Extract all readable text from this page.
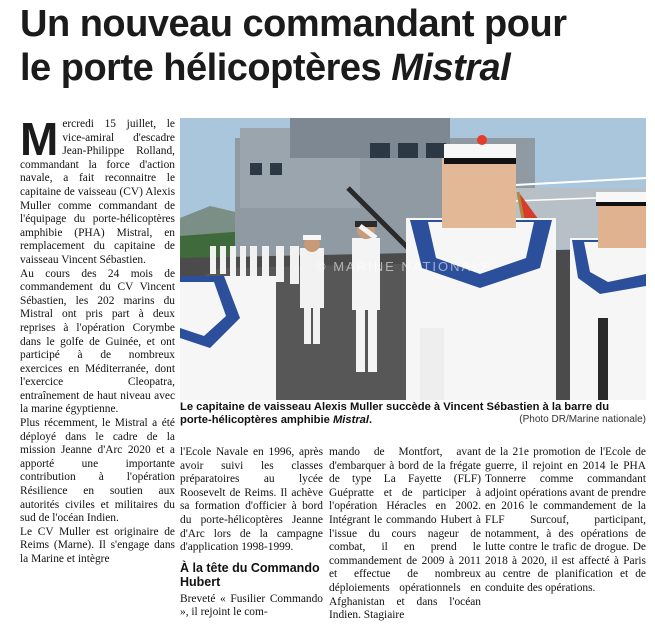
Un nouveau commandant pour
le porte hélicoptères Mistral
M ercredi 15 juillet, le vice-amiral d'escadre Jean-Philippe Rolland, commandant la force d'action navale, a fait reconnaitre le capitaine de vaisseau (CV) Alexis Muller comme commandant de l'équipage du porte-hélicoptères amphibie (PHA) Mistral, en remplacement du capitaine de vaisseau Vincent Sébastien.

Au cours des 24 mois de commandement du CV Vincent Sébastien, les 202 marins du Mistral ont pris part à deux reprises à l'opération Corymbe dans le golfe de Guinée, et ont participé à de nombreux exercices en Méditerranée, dont l'exercice Cleopatra, entraînement de haut niveau avec la marine égyptienne.

Plus récemment, le Mistral a été déployé dans le cadre de la mission Jeanne d'Arc 2020 et a apporté une importante contribution à l'opération Résilience en soutien aux autorités civiles et militaires du sud de l'océan Indien.

Le CV Muller est originaire de Reims (Marne). Il s'engage dans la Marine et intègre

© MARINE NATIONALE
Le capitaine de vaisseau Alexis Muller succède à Vincent Sébastien à la barre du
porte-hélicoptères amphibie Mistral.	(Photo DR/Marine nationale)

l'Ecole Navale en 1996, après avoir suivi les classes préparatoires au lycée Roosevelt de Reims. Il achève sa formation d'officier à bord du porte-hélicoptères Jeanne d'Arc lors de la campagne d'application 1998-1999.

À la tête du Commando Hubert

Breveté « Fusilier Commando », il rejoint le com-

mando de Montfort, avant d'embarquer à bord de la frégate de type La Fayette (FLF) Guépratte et de participer à l'opération Héracles en 2002. Intégrant le commando Hubert à l'issue du cours nageur de combat, il en prend le commandement de 2009 à 2011 et effectue de nombreux déploiements opérationnels en Afghanistan et dans l'océan Indien. Stagiaire

de la 21e promotion de l'Ecole de guerre, il rejoint en 2014 le PHA Tonnerre comme commandant adjoint opérations avant de prendre en 2016 le commandement de la FLF Surcouf, participant, notamment, à des opérations de lutte contre le trafic de drogue. De 2018 à 2020, il est affecté à Paris au centre de planification et de conduite des opérations.
